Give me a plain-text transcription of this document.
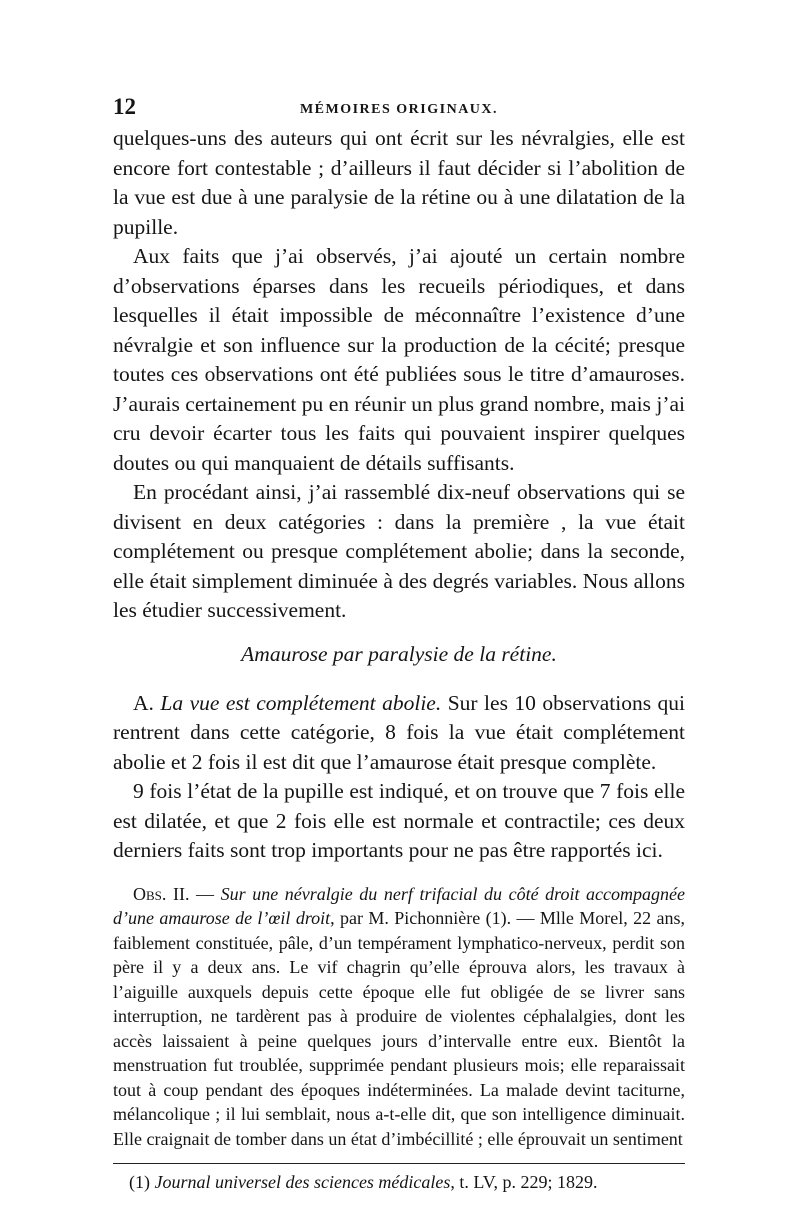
12	MÉMOIRES ORIGINAUX.

quelques-uns des auteurs qui ont écrit sur les névralgies, elle est encore fort contestable ; d’ailleurs il faut décider si l’abolition de la vue est due à une paralysie de la rétine ou à une dilatation de la pupille.

Aux faits que j’ai observés, j’ai ajouté un certain nombre d’observations éparses dans les recueils périodiques, et dans lesquelles il était impossible de méconnaître l’existence d’une névralgie et son influence sur la production de la cécité; presque toutes ces observations ont été publiées sous le titre d’amauroses. J’aurais certainement pu en réunir un plus grand nombre, mais j’ai cru devoir écarter tous les faits qui pouvaient inspirer quelques doutes ou qui manquaient de détails suffisants.

En procédant ainsi, j’ai rassemblé dix-neuf observations qui se divisent en deux catégories : dans la première , la vue était complétement ou presque complétement abolie; dans la seconde, elle était simplement diminuée à des degrés variables. Nous allons les étudier successivement.

Amaurose par paralysie de la rétine.

A. La vue est complétement abolie. Sur les 10 observations qui rentrent dans cette catégorie, 8 fois la vue était complétement abolie et 2 fois il est dit que l’amaurose était presque complète.

9 fois l’état de la pupille est indiqué, et on trouve que 7 fois elle est dilatée, et que 2 fois elle est normale et contractile; ces deux derniers faits sont trop importants pour ne pas être rapportés ici.

Obs. II. — Sur une névralgie du nerf trifacial du côté droit accompagnée d’une amaurose de l’œil droit, par M. Pichonnière (1). — Mlle Morel, 22 ans, faiblement constituée, pâle, d’un tempérament lymphatico-nerveux, perdit son père il y a deux ans. Le vif chagrin qu’elle éprouva alors, les travaux à l’aiguille auxquels depuis cette époque elle fut obligée de se livrer sans interruption, ne tardèrent pas à produire de violentes céphalalgies, dont les accès laissaient à peine quelques jours d’intervalle entre eux. Bientôt la menstruation fut troublée, supprimée pendant plusieurs mois; elle reparaissait tout à coup pendant des époques indéterminées. La malade devint taciturne, mélancolique ; il lui semblait, nous a-t-elle dit, que son intelligence diminuait. Elle craignait de tomber dans un état d’imbécillité ; elle éprouvait un sentiment

(1) Journal universel des sciences médicales, t. LV, p. 229; 1829.
